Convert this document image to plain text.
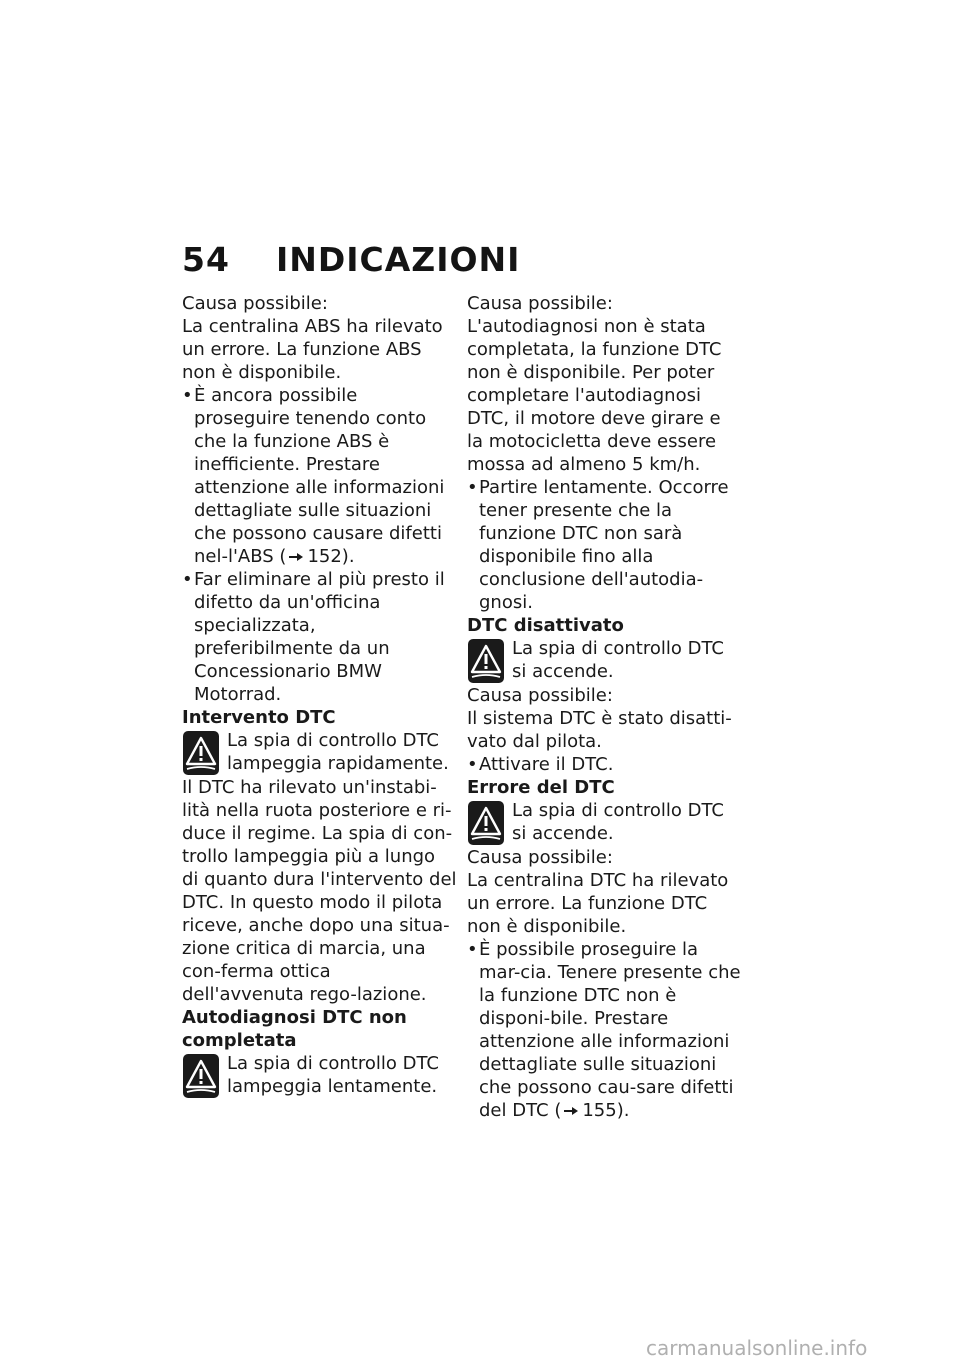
54 INDICAZIONI

Causa possibile:

La centralina ABS ha rilevato un errore. La funzione ABS non è disponibile.

• È ancora possibile proseguire tenendo conto che la funzione ABS è inefficiente. Prestare attenzione alle informazioni dettagliate sulle situazioni che possono causare difetti nel-l'ABS ( 152).
• Far eliminare al più presto il difetto da un'officina specializzata, preferibilmente da un Concessionario BMW Motorrad.

Intervento DTC

La spia di controllo DTC lampeggia rapidamente.

Il DTC ha rilevato un'instabi-lità nella ruota posteriore e ri-duce il regime. La spia di con-trollo lampeggia più a lungo di quanto dura l'intervento del DTC. In questo modo il pilota riceve, anche dopo una situa-zione critica di marcia, una con-ferma ottica dell'avvenuta rego-lazione.

Autodiagnosi DTC non completata

La spia di controllo DTC lampeggia lentamente.

Causa possibile:

L'autodiagnosi non è stata completata, la funzione DTC non è disponibile. Per poter completare l'autodiagnosi DTC, il motore deve girare e la motocicletta deve essere mossa ad almeno 5 km/h.

• Partire lentamente. Occorre tener presente che la funzione DTC non sarà disponibile fino alla conclusione dell'autodia-gnosi.

DTC disattivato

La spia di controllo DTC si accende.

Causa possibile:

Il sistema DTC è stato disatti-vato dal pilota.

• Attivare il DTC.

Errore del DTC

La spia di controllo DTC si accende.

Causa possibile:

La centralina DTC ha rilevato un errore. La funzione DTC non è disponibile.

• È possibile proseguire la mar-cia. Tenere presente che la funzione DTC non è disponi-bile. Prestare attenzione alle informazioni dettagliate sulle situazioni che possono cau-sare difetti del DTC ( 155).
carmanualsonline.info
